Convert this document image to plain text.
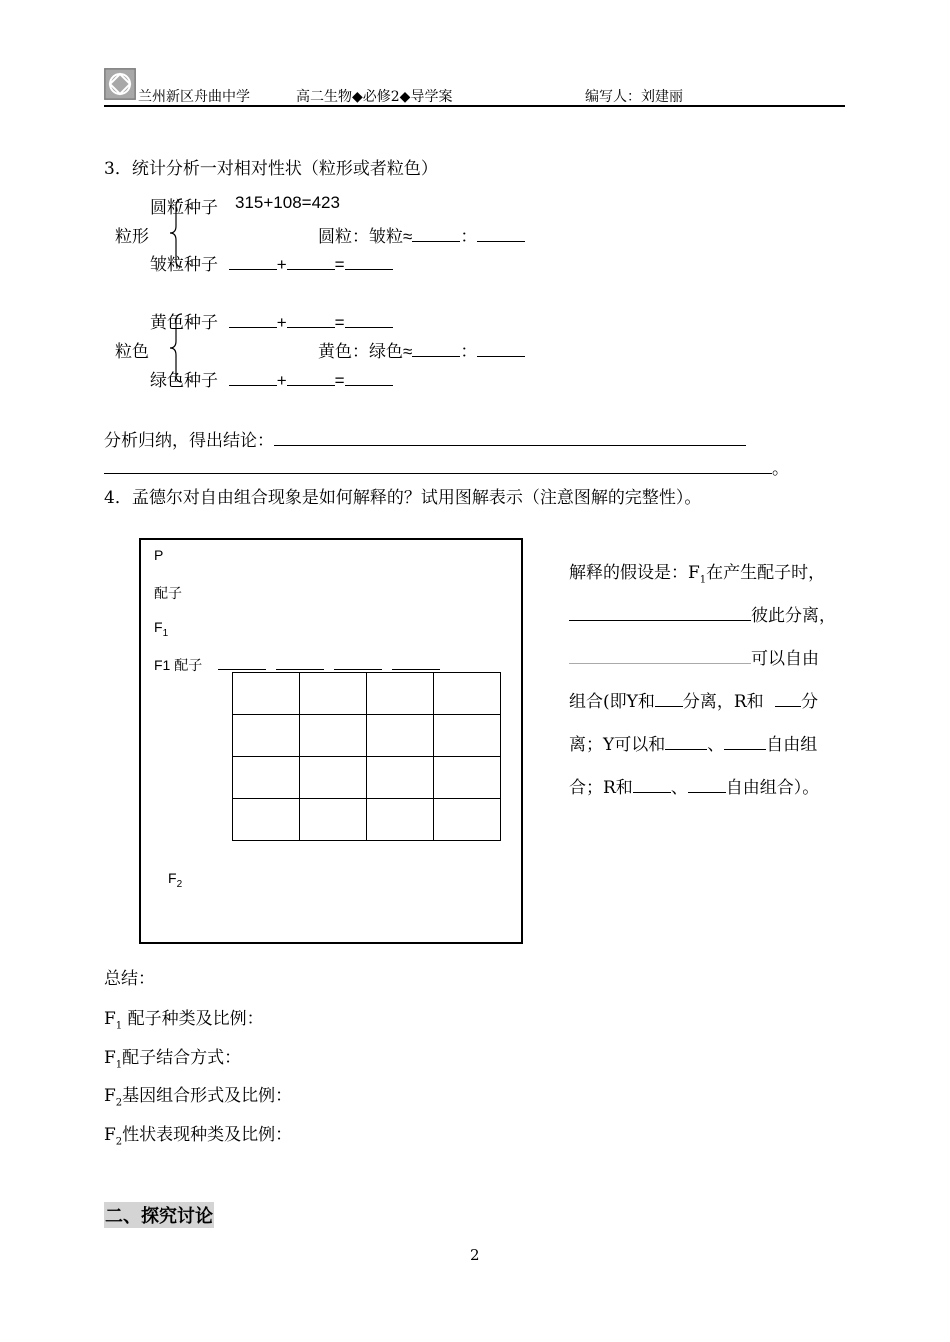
兰州新区舟曲中学	高二生物◆必修2◆导学案	编写人：刘建丽
3．统计分析一对相对性状（粒形或者粒色）
圆粒种子 315+108=423
粒形	圆粒：皱粒≈	：
皱粒种子	+	=
黄色种子	+	=
粒色	黄色：绿色≈	：
绿色种子	+	=
分析归纳，得出结论：
。
4．孟德尔对自由组合现象是如何解释的？试用图解表示（注意图解的完整性）。
P
配子
$F_1$
F1 配子

$F_2$
解释的假设是：$F_1$在产生配子时，
彼此分离，
可以自由
组合(即Y和 分离，R和 分
离；Y可以和 、 自由组
合；R和 、 自由组合）。
总结：
$F_1$ 配子种类及比例：
$F_1$配子结合方式：
$F_2$基因组合形式及比例：
$F_2$性状表现种类及比例：
二、探究讨论
2
